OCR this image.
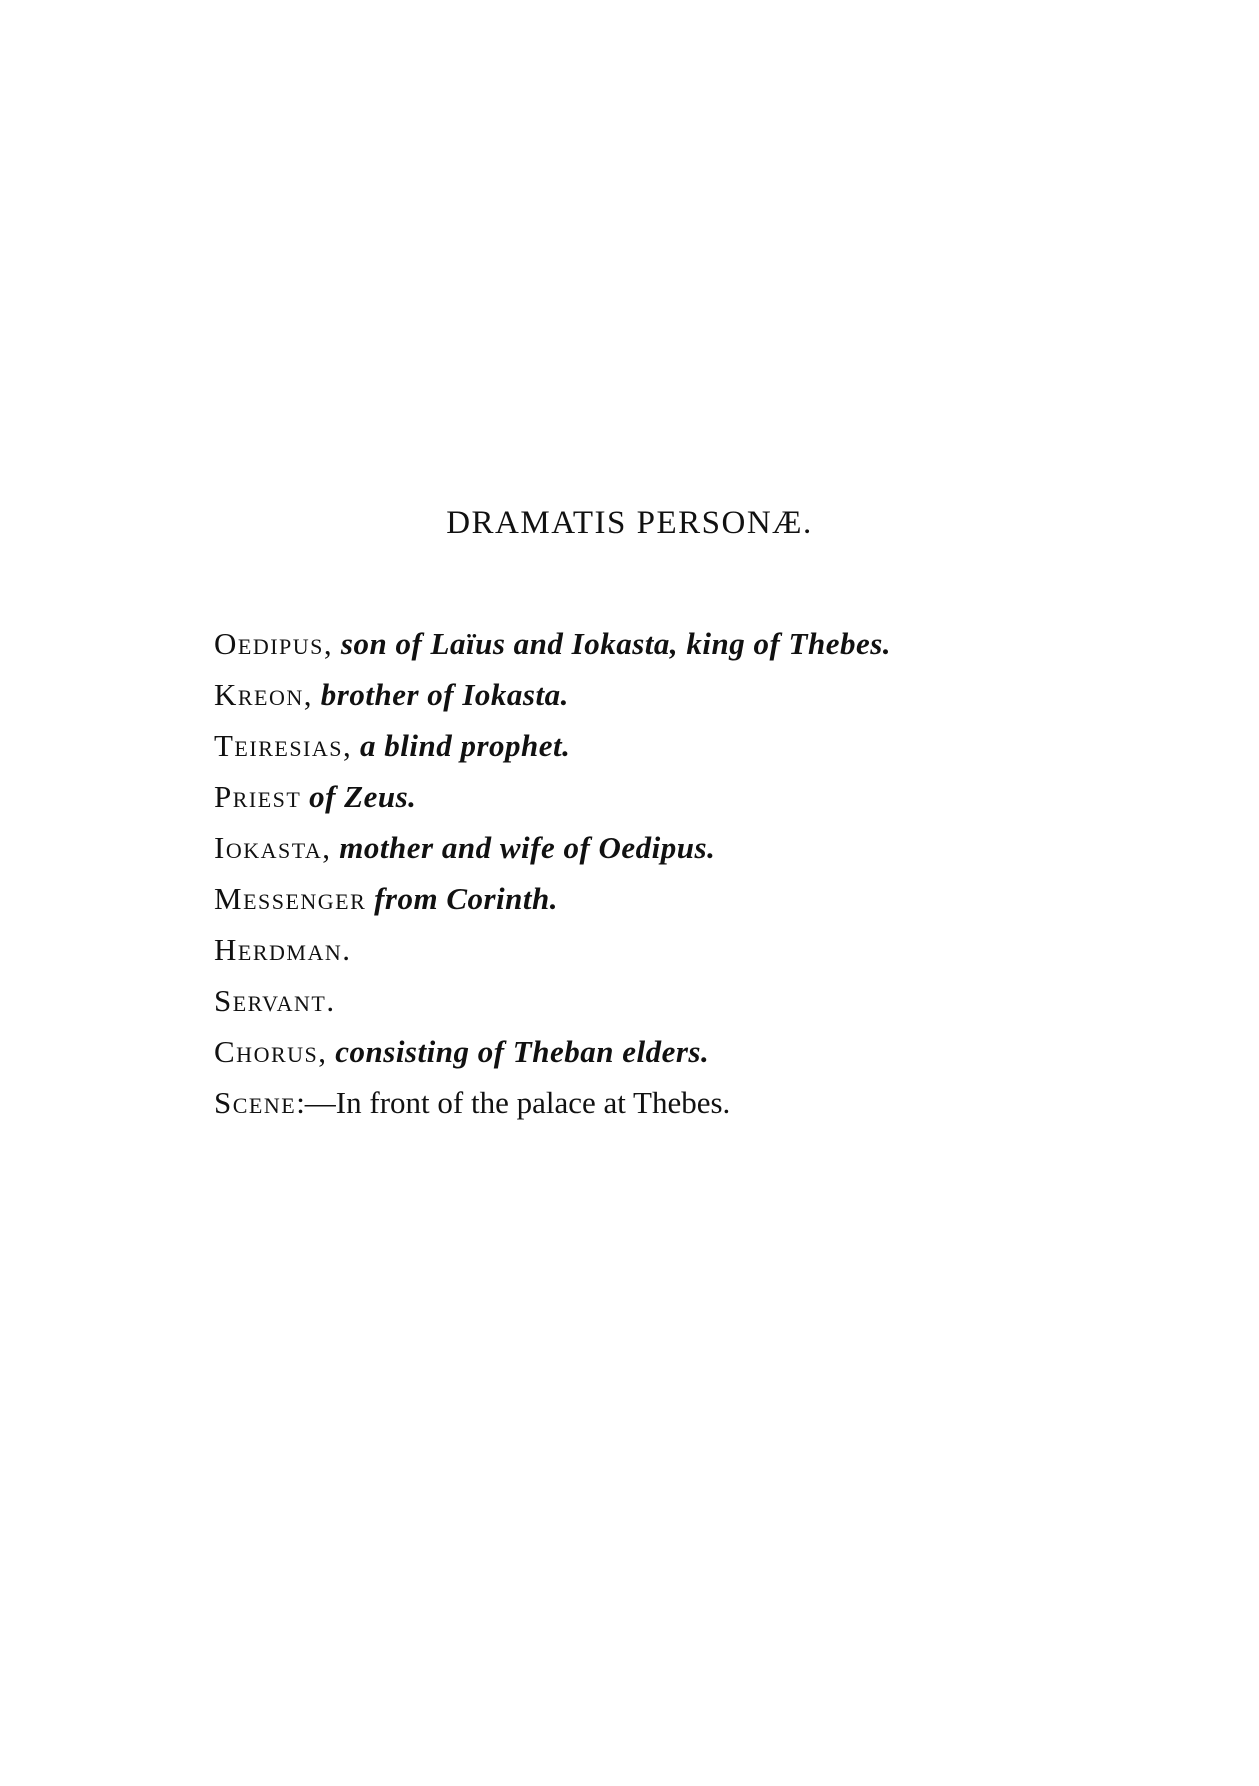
DRAMATIS PERSONÆ.
Oedipus, son of Laïus and Iokasta, king of Thebes.
Kreon, brother of Iokasta.
Teiresias, a blind prophet.
Priest of Zeus.
Iokasta, mother and wife of Oedipus.
Messenger from Corinth.
Herdman.
Servant.
Chorus, consisting of Theban elders.
Scene:—In front of the palace at Thebes.
